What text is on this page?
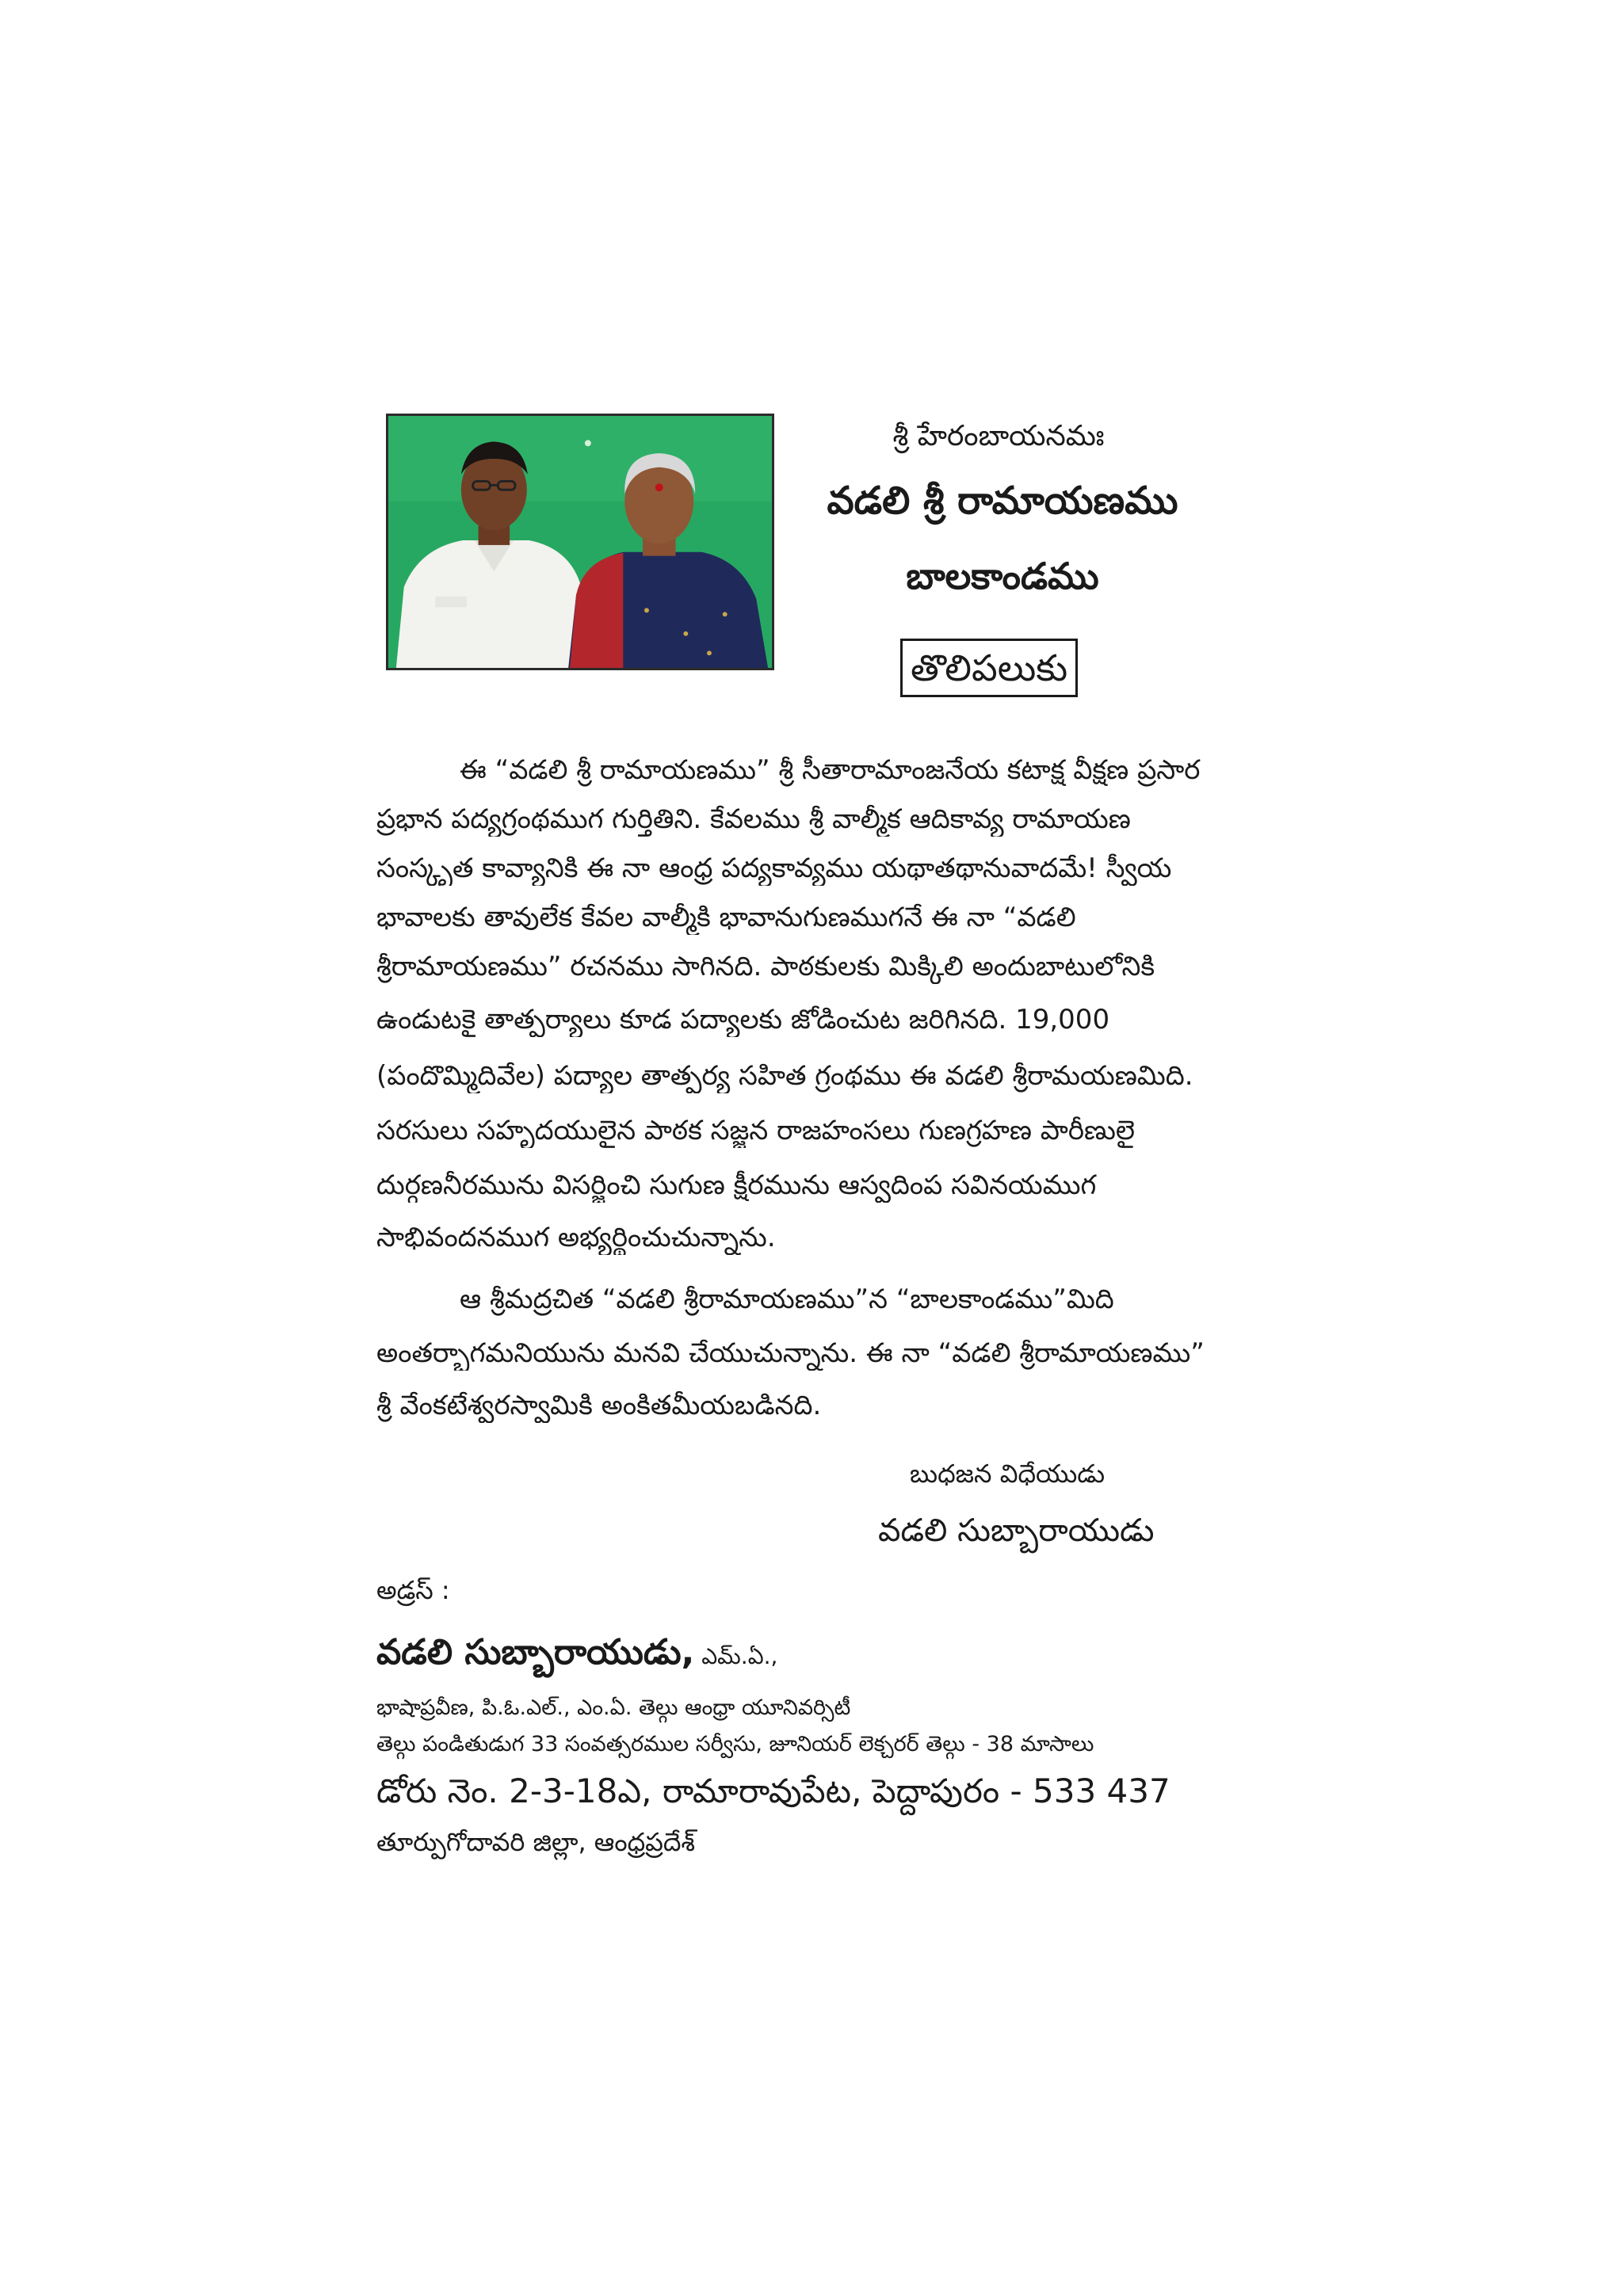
శ్రీ హేరంబాయనమః
వడలి శ్రీ రామాయణము
బాలకాండము
తొలిపలుకు
ఈ “వడలి శ్రీ రామాయణము” శ్రీ సీతారామాంజనేయ కటాక్ష వీక్షణ ప్రసార
ప్రభాన పద్యగ్రంథముగ గుర్తితిని. కేవలము శ్రీ వాల్మీక ఆదికావ్య రామాయణ
సంస్కృత కావ్యానికి ఈ నా ఆంధ్ర పద్యకావ్యము యథాతథానువాదమే! స్వీయ
భావాలకు తావులేక కేవల వాల్మీకి భావానుగుణముగనే ఈ నా “వడలి
శ్రీరామాయణము” రచనము సాగినది. పాఠకులకు మిక్కిలి అందుబాటులోనికి
ఉండుటకై తాత్పర్యాలు కూడ పద్యాలకు జోడించుట జరిగినది. 19,000
(పందొమ్మిదివేల) పద్యాల తాత్పర్య సహిత గ్రంథము ఈ వడలి శ్రీరామయణమిది.
సరసులు సహృదయులైన పాఠక సజ్జన రాజహంసలు గుణగ్రహణ పారీణులై
దుర్గణనీరమును విసర్జించి సుగుణ క్షీరమును ఆస్వదింప సవినయముగ
సాభివందనముగ అభ్యర్థించుచున్నాను.
ఆ శ్రీమద్రచిత “వడలి శ్రీరామాయణము”న “బాలకాండము”మిది
అంతర్భాగమనియును మనవి చేయుచున్నాను. ఈ నా “వడలి శ్రీరామాయణము”
శ్రీ వేంకటేశ్వరస్వామికి అంకితమీయబడినది.
బుధజన విధేయుడు
వడలి సుబ్బారాయుడు
అడ్రస్ :
వడలి సుబ్బారాయుడు, ఎమ్.ఏ.,
భాషాప్రవీణ, పి.ఓ.ఎల్., ఎం.ఏ. తెల్గు ఆంధ్రా యూనివర్సిటీ
తెల్గు పండితుడుగ 33 సంవత్సరముల సర్వీసు, జూనియర్ లెక్చరర్ తెల్గు - 38 మాసాలు
డోరు నెం. 2-3-18ఎ, రామారావుపేట, పెద్దాపురం - 533 437
తూర్పుగోదావరి జిల్లా, ఆంధ్రప్రదేశ్
